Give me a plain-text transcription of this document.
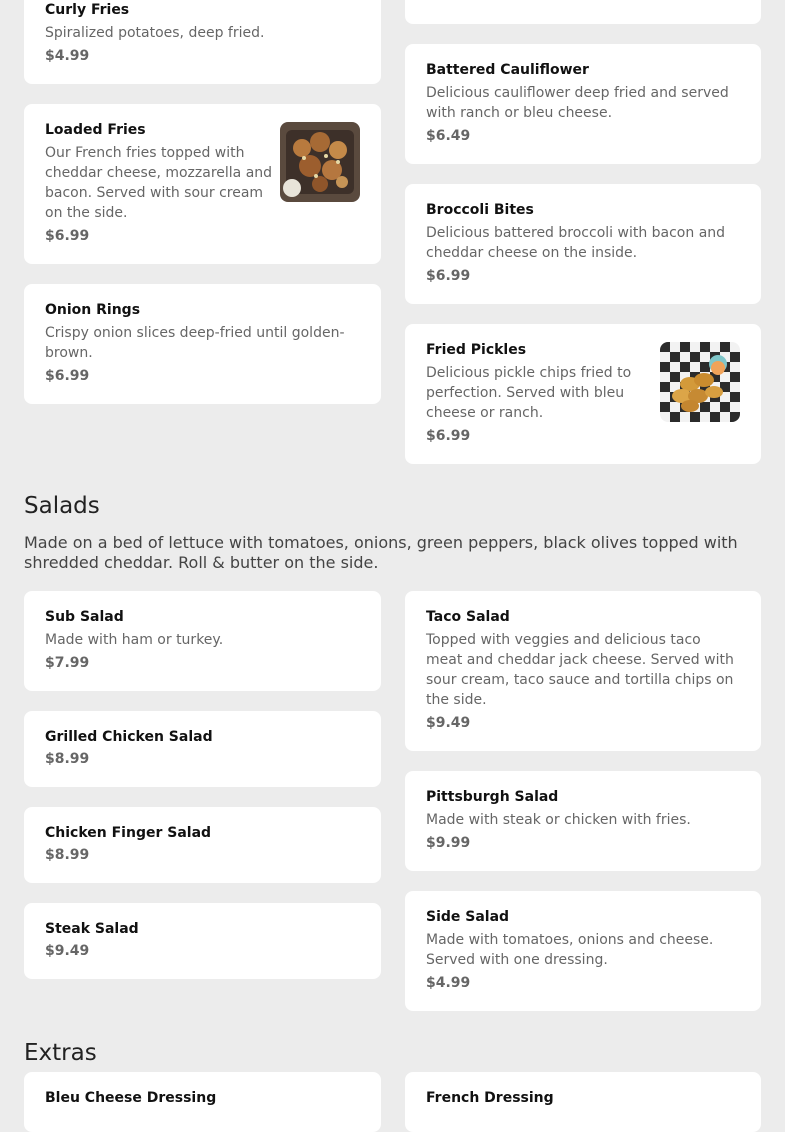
Curly Fries
Spiralized potatoes, deep fried.
$4.99
Battered Cauliflower
Delicious cauliflower deep fried and served with ranch or bleu cheese.
$6.49
Loaded Fries
Our French fries topped with cheddar cheese, mozzarella and bacon. Served with sour cream on the side.
$6.99
Broccoli Bites
Delicious battered broccoli with bacon and cheddar cheese on the inside.
$6.99
Onion Rings
Crispy onion slices deep-fried until golden-brown.
$6.99
Fried Pickles
Delicious pickle chips fried to perfection. Served with bleu cheese or ranch.
$6.99
Salads
Made on a bed of lettuce with tomatoes, onions, green peppers, black olives topped with shredded cheddar. Roll & butter on the side.
Sub Salad
Made with ham or turkey.
$7.99
Taco Salad
Topped with veggies and delicious taco meat and cheddar jack cheese. Served with sour cream, taco sauce and tortilla chips on the side.
$9.49
Grilled Chicken Salad
$8.99
Pittsburgh Salad
Made with steak or chicken with fries.
$9.99
Chicken Finger Salad
$8.99
Steak Salad
$9.49
Side Salad
Made with tomatoes, onions and cheese. Served with one dressing.
$4.99
Extras
Bleu Cheese Dressing	French Dressing
